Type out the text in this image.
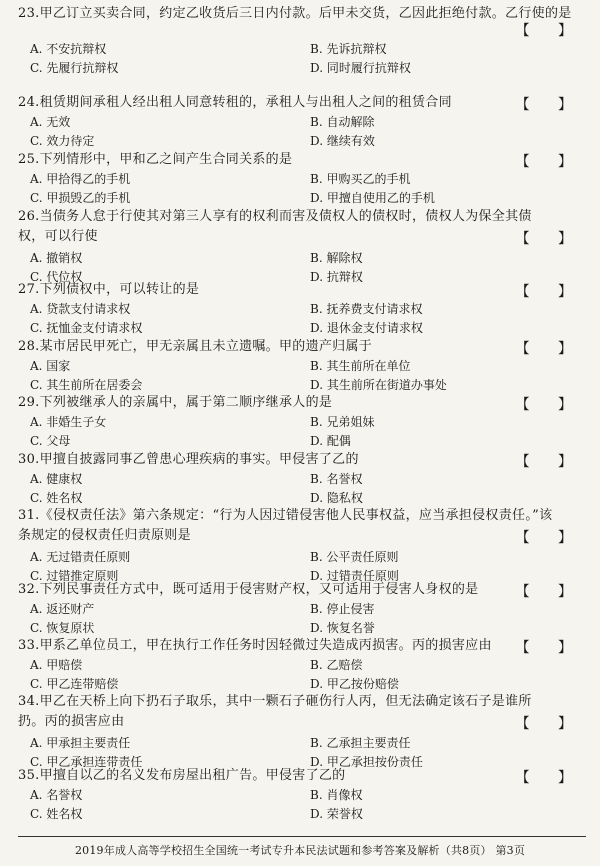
23.甲乙订立买卖合同，约定乙收货后三日内付款。后甲未交货，乙因此拒绝付款。乙行使的是
【 】
A. 不安抗辩权	B. 先诉抗辩权
C. 先履行抗辩权	D. 同时履行抗辩权
24.租赁期间承租人经出租人同意转租的，承租人与出租人之间的租赁合同	【 】
A. 无效	B. 自动解除
C. 效力待定	D. 继续有效
25.下列情形中，甲和乙之间产生合同关系的是	【 】
A. 甲拾得乙的手机	B. 甲购买乙的手机
C. 甲损毁乙的手机	D. 甲擅自使用乙的手机
26.当债务人怠于行使其对第三人享有的权利而害及债权人的债权时，债权人为保全其债权，可以行使	【 】
A. 撤销权	B. 解除权
C. 代位权	D. 抗辩权
27.下列债权中，可以转让的是	【 】
A. 贷款支付请求权	B. 抚养费支付请求权
C. 抚恤金支付请求权	D. 退休金支付请求权
28.某市居民甲死亡，甲无亲属且未立遗嘱。甲的遗产归属于	【 】
A. 国家	B. 其生前所在单位
C. 其生前所在居委会	D. 其生前所在街道办事处
29.下列被继承人的亲属中，属于第二顺序继承人的是	【 】
A. 非婚生子女	B. 兄弟姐妹
C. 父母	D. 配偶
30.甲擅自披露同事乙曾患心理疾病的事实。甲侵害了乙的	【 】
A. 健康权	B. 名誉权
C. 姓名权	D. 隐私权
31.《侵权责任法》第六条规定：“行为人因过错侵害他人民事权益，应当承担侵权责任。”该条规定的侵权责任归责原则是	【 】
A. 无过错责任原则	B. 公平责任原则
C. 过错推定原则	D. 过错责任原则
32.下列民事责任方式中，既可适用于侵害财产权，又可适用于侵害人身权的是	【 】
A. 返还财产	B. 停止侵害
C. 恢复原状	D. 恢复名誉
33.甲系乙单位员工，甲在执行工作任务时因轻微过失造成丙损害。丙的损害应由	【 】
A. 甲赔偿	B. 乙赔偿
C. 甲乙连带赔偿	D. 甲乙按份赔偿
34.甲乙在天桥上向下扔石子取乐，其中一颗石子砸伤行人丙，但无法确定该石子是谁所扔。丙的损害应由	【 】
A. 甲承担主要责任	B. 乙承担主要责任
C. 甲乙承担连带责任	D. 甲乙承担按份责任
35.甲擅自以乙的名义发布房屋出租广告。甲侵害了乙的	【 】
A. 名誉权	B. 肖像权
C. 姓名权	D. 荣誉权
2019年成人高等学校招生全国统一考试专升本民法试题和参考答案及解析（共8页） 第3页
